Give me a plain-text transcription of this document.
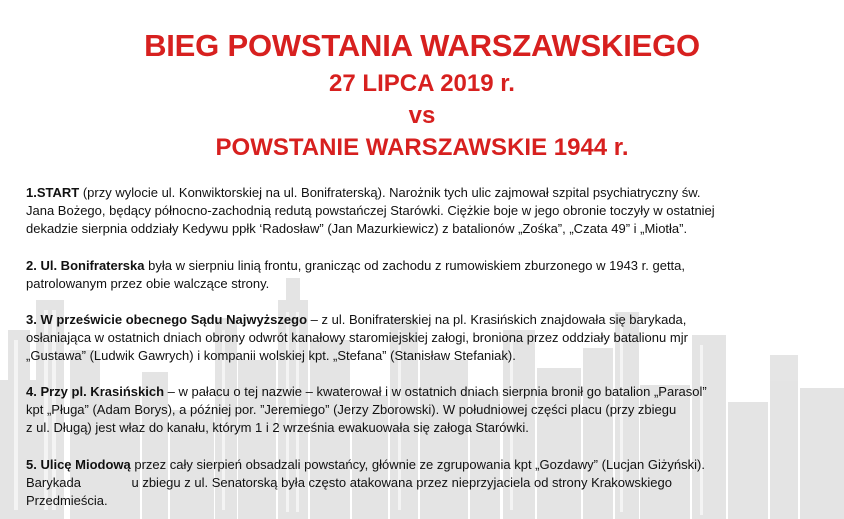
BIEG POWSTANIA WARSZAWSKIEGO
27 LIPCA 2019 r.
vs
POWSTANIE WARSZAWSKIE 1944 r.

1.START (przy wylocie ul. Konwiktorskiej na ul. Bonifraterską). Narożnik tych ulic zajmował szpital psychiatryczny św.
Jana Bożego, będący północno-zachodnią redutą powstańczej Starówki. Ciężkie boje w jego obronie toczyły w ostatniej
dekadzie sierpnia oddziały Kedywu ppłk ‘Radosław” (Jan Mazurkiewicz) z batalionów „Zośka”, „Czata 49” i „Miotła”.

2. Ul. Bonifraterska była w sierpniu linią frontu, granicząc od zachodu z rumowiskiem zburzonego w 1943 r. getta,
patrolowanym przez obie walczące strony.

3. W prześwicie obecnego Sądu Najwyższego – z ul. Bonifraterskiej na pl. Krasińskich znajdowała się barykada,
osłaniająca w ostatnich dniach obrony odwrót kanałowy staromiejskiej załogi, broniona przez oddziały batalionu mjr
„Gustawa” (Ludwik Gawrych) i kompanii wolskiej kpt. „Stefana” (Stanisław Stefaniak).

4. Przy pl. Krasińskich – w pałacu o tej nazwie – kwaterował i w ostatnich dniach sierpnia bronił go batalion „Parasol”
kpt „Pługa” (Adam Borys), a później por. ”Jeremiego” (Jerzy Zborowski). W południowej części placu (przy zbiegu
z ul. Długą) jest właz do kanału, którym 1 i 2 września ewakuowała się załoga Starówki.

5. Ulicę Miodową przez cały sierpień obsadzali powstańcy, głównie ze zgrupowania kpt „Gozdawy” (Lucjan Giżyński).
Barykada              u zbiegu z ul. Senatorską była często atakowana przez nieprzyjaciela od strony Krakowskiego
Przedmieścia.
